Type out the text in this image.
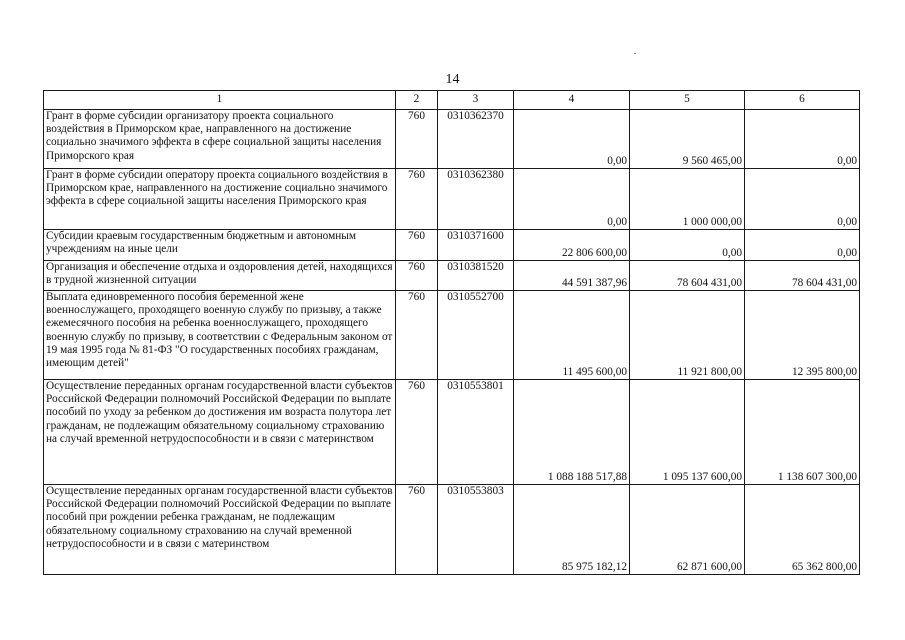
14
1	2	3	4	5	6
Грант в форме субсидии организатору проекта социального воздействия в Приморском крае, направленного на достижение социально значимого эффекта в сфере социальной защиты населения Приморского края	760	0310362370	0,00	9 560 465,00	0,00
Грант в форме субсидии оператору проекта социального воздействия в Приморском крае, направленного на достижение социально значимого эффекта в сфере социальной защиты населения Приморского края	760	0310362380	0,00	1 000 000,00	0,00
Субсидии краевым государственным бюджетным и автономным учреждениям на иные цели	760	0310371600	22 806 600,00	0,00	0,00
Организация и обеспечение отдыха и оздоровления детей, находящихся в трудной жизненной ситуации	760	0310381520	44 591 387,96	78 604 431,00	78 604 431,00
Выплата единовременного пособия беременной жене военнослужащего, проходящего военную службу по призыву, а также ежемесячного пособия на ребенка военнослужащего, проходящего военную службу по призыву, в соответствии с Федеральным законом от 19 мая 1995 года № 81-ФЗ "О государственных пособиях гражданам, имеющим детей"	760	0310552700	11 495 600,00	11 921 800,00	12 395 800,00
Осуществление переданных органам государственной власти субъектов Российской Федерации полномочий Российской Федерации по выплате пособий по уходу за ребенком до достижения им возраста полутора лет гражданам, не подлежащим обязательному социальному страхованию на случай временной нетрудоспособности и в связи с материнством	760	0310553801	1 088 188 517,88	1 095 137 600,00	1 138 607 300,00
Осуществление переданных органам государственной власти субъектов Российской Федерации полномочий Российской Федерации по выплате пособий при рождении ребенка гражданам, не подлежащим обязательному социальному страхованию на случай временной нетрудоспособности и в связи с материнством	760	0310553803	85 975 182,12	62 871 600,00	65 362 800,00
